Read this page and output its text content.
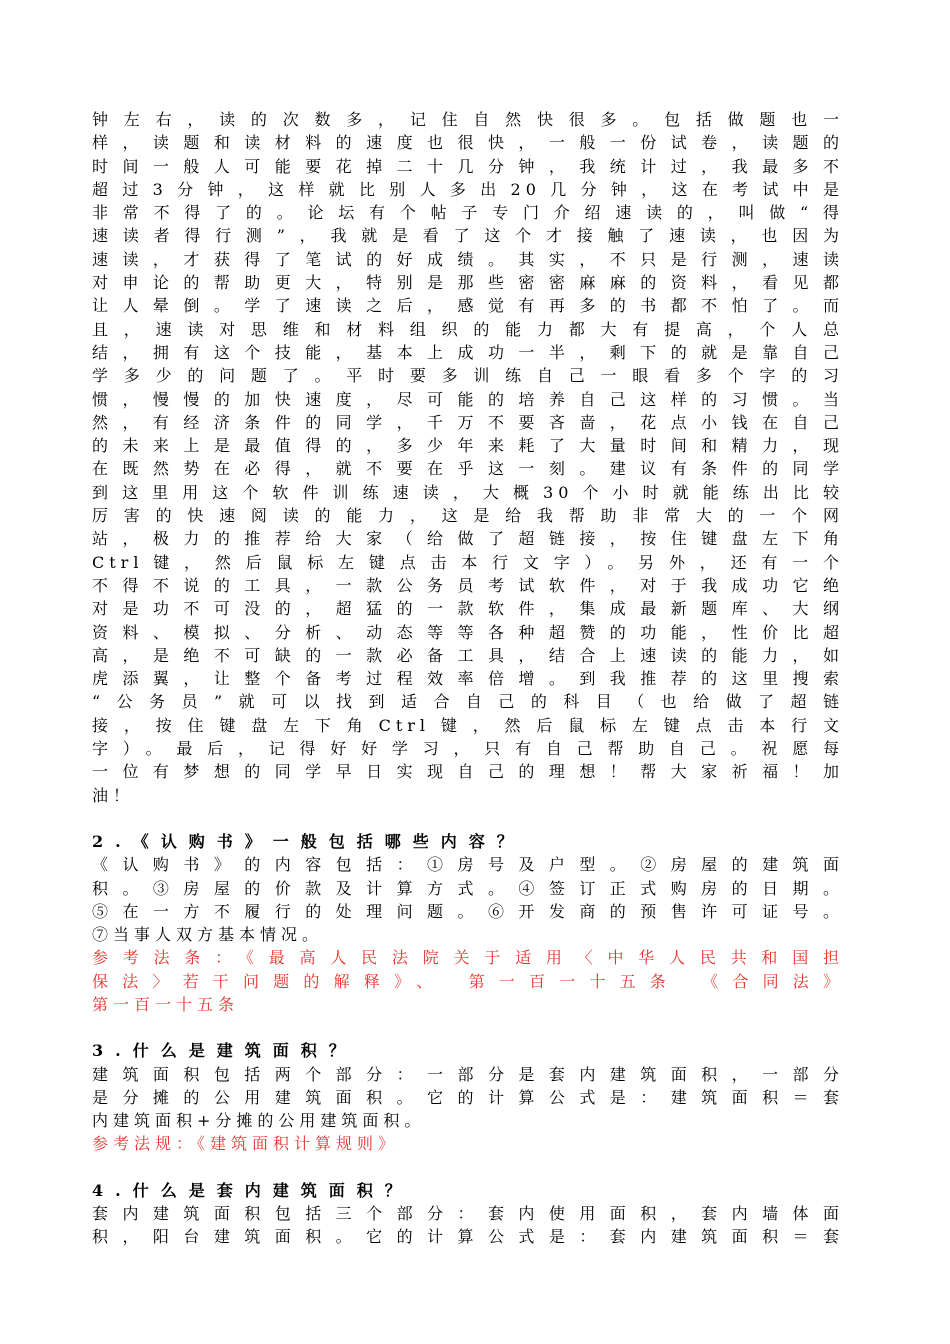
钟左右，读的次数多，记住自然快很多。包括做题也一
样，读题和读材料的速度也很快，一般一份试卷，读题的
时间一般人可能要花掉二十几分钟，我统计过，我最多不
超过3分钟，这样就比别人多出20几分钟，这在考试中是
非常不得了的。论坛有个帖子专门介绍速读的，叫做“得
速读者得行测”，我就是看了这个才接触了速读，也因为
速读，才获得了笔试的好成绩。其实，不只是行测，速读
对申论的帮助更大，特别是那些密密麻麻的资料，看见都
让人晕倒。学了速读之后，感觉有再多的书都不怕了。而
且，速读对思维和材料组织的能力都大有提高，个人总
结，拥有这个技能，基本上成功一半，剩下的就是靠自己
学多少的问题了。平时要多训练自己一眼看多个字的习
惯，慢慢的加快速度，尽可能的培养自己这样的习惯。当
然，有经济条件的同学，千万不要吝啬，花点小钱在自己
的未来上是最值得的，多少年来耗了大量时间和精力，现
在既然势在必得，就不要在乎这一刻。建议有条件的同学
到这里用这个软件训练速读，大概30个小时就能练出比较
厉害的快速阅读的能力，这是给我帮助非常大的一个网
站，极力的推荐给大家（给做了超链接，按住键盘左下角
Ctrl键，然后鼠标左键点击本行文字）。另外，还有一个
不得不说的工具，一款公务员考试软件，对于我成功它绝
对是功不可没的，超猛的一款软件，集成最新题库、大纲
资料、模拟、分析、动态等等各种超赞的功能，性价比超
高，是绝不可缺的一款必备工具，结合上速读的能力，如
虎添翼，让整个备考过程效率倍增。到我推荐的这里搜索
“公务员”就可以找到适合自己的科目（也给做了超链
接，按住键盘左下角Ctrl键，然后鼠标左键点击本行文
字）。最后，记得好好学习，只有自己帮助自己。祝愿每
一位有梦想的同学早日实现自己的理想！帮大家祈福！加
油！
2.《认购书》一般包括哪些内容？
《认购书》的内容包括：①房号及户型。②房屋的建筑面
积。③房屋的价款及计算方式。④签订正式购房的日期。
⑤在一方不履行的处理问题。⑥开发商的预售许可证号。
⑦当事人双方基本情况。
参考法条：《最高人民法院关于适用〈中华人民共和国担
保法〉若干问题的解释》、　第一百一十五条　《合同法》
第一百一十五条
3.什么是建筑面积？
建筑面积包括两个部分：一部分是套内建筑面积，一部分
是分摊的公用建筑面积。它的计算公式是：建筑面积＝套
内建筑面积+分摊的公用建筑面积。
参考法规：《建筑面积计算规则》
4.什么是套内建筑面积？
套内建筑面积包括三个部分：套内使用面积，套内墙体面
积，阳台建筑面积。它的计算公式是：套内建筑面积＝套
